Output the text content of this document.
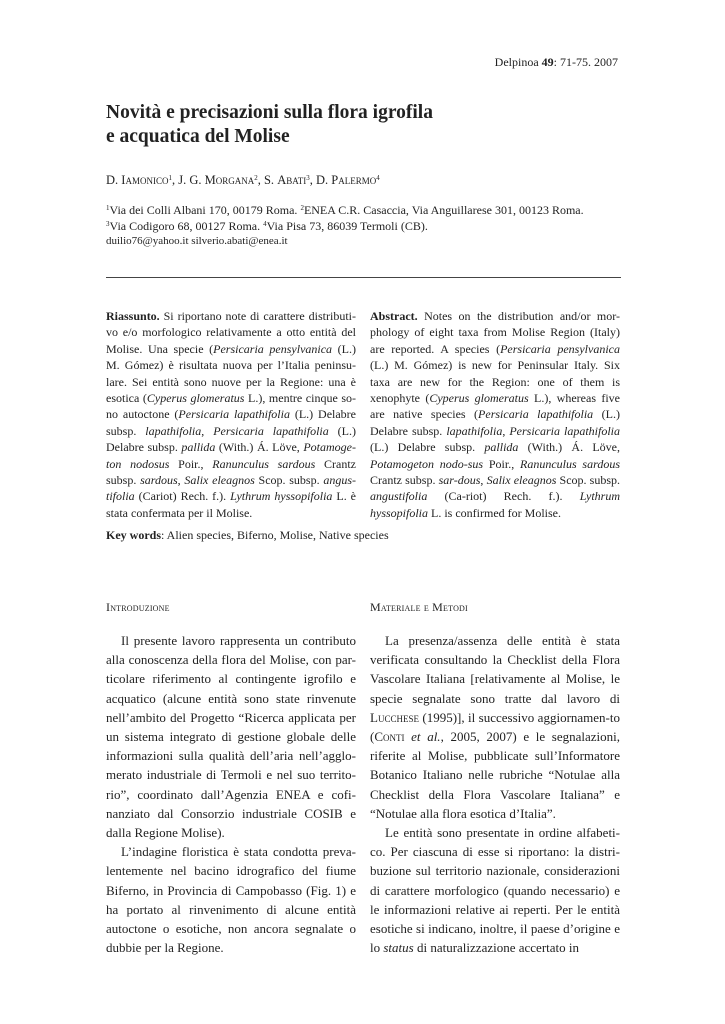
Delpinoa 49: 71-75. 2007
Novità e precisazioni sulla flora igrofila
e acquatica del Molise
D. Iamonico$^1$, J. G. Morgana$^2$, S. Abati$^3$, D. Palermo$^4$
$^1$Via dei Colli Albani 170, 00179 Roma. $^2$ENEA C.R. Casaccia, Via Anguillarese 301, 00123 Roma.
$^3$Via Codigoro 68, 00127 Roma. $^4$Via Pisa 73, 86039 Termoli (CB).
duilio76@yahoo.it silverio.abati@enea.it
Riassunto. Si riportano note di carattere distributi-vo e/o morfologico relativamente a otto entità del Molise. Una specie (Persicaria pensylvanica (L.) M. Gómez) è risultata nuova per l’Italia peninsu-lare. Sei entità sono nuove per la Regione: una è esotica (Cyperus glomeratus L.), mentre cinque so-no autoctone (Persicaria lapathifolia (L.) Delabre subsp. lapathifolia, Persicaria lapathifolia (L.) Delabre subsp. pallida (With.) Á. Löve, Potamoge-ton nodosus Poir., Ranunculus sardous Crantz subsp. sardous, Salix eleagnos Scop. subsp. angus-tifolia (Cariot) Rech. f.). Lythrum hyssopifolia L. è stata confermata per il Molise.
Abstract. Notes on the distribution and/or mor-phology of eight taxa from Molise Region (Italy) are reported. A species (Persicaria pensylvanica (L.) M. Gómez) is new for Peninsular Italy. Six taxa are new for the Region: one of them is xenophyte (Cyperus glomeratus L.), whereas five are native species (Persicaria lapathifolia (L.) Delabre subsp. lapathifolia, Persicaria lapathifolia (L.) Delabre subsp. pallida (With.) Á. Löve, Potamogeton nodo-sus Poir., Ranunculus sardous Crantz subsp. sar-dous, Salix eleagnos Scop. subsp. angustifolia (Ca-riot) Rech. f.). Lythrum hyssopifolia L. is confirmed for Molise.
Key words: Alien species, Biferno, Molise, Native species
Introduzione	Materiale e Metodi

Il presente lavoro rappresenta un contributo alla conoscenza della flora del Molise, con par-ticolare riferimento al contingente igrofilo e acquatico (alcune entità sono state rinvenute nell’ambito del Progetto “Ricerca applicata per un sistema integrato di gestione globale delle informazioni sulla qualità dell’aria nell’agglo-merato industriale di Termoli e nel suo territo-rio”, coordinato dall’Agenzia ENEA e cofi-nanziato dal Consorzio industriale COSIB e dalla Regione Molise).

L’indagine floristica è stata condotta preva-lentemente nel bacino idrografico del fiume Biferno, in Provincia di Campobasso (Fig. 1) e ha portato al rinvenimento di alcune entità autoctone o esotiche, non ancora segnalate o dubbie per la Regione.

La presenza/assenza delle entità è stata verificata consultando la Checklist della Flora Vascolare Italiana [relativamente al Molise, le specie segnalate sono tratte dal lavoro di Lucchese (1995)], il successivo aggiornamen-to (Conti et al., 2005, 2007) e le segnalazioni, riferite al Molise, pubblicate sull’Informatore Botanico Italiano nelle rubriche “Notulae alla Checklist della Flora Vascolare Italiana” e “Notulae alla flora esotica d’Italia”.

Le entità sono presentate in ordine alfabeti-co. Per ciascuna di esse si riportano: la distri-buzione sul territorio nazionale, considerazioni di carattere morfologico (quando necessario) e le informazioni relative ai reperti. Per le entità esotiche si indicano, inoltre, il paese d’origine e lo status di naturalizzazione accertato in
